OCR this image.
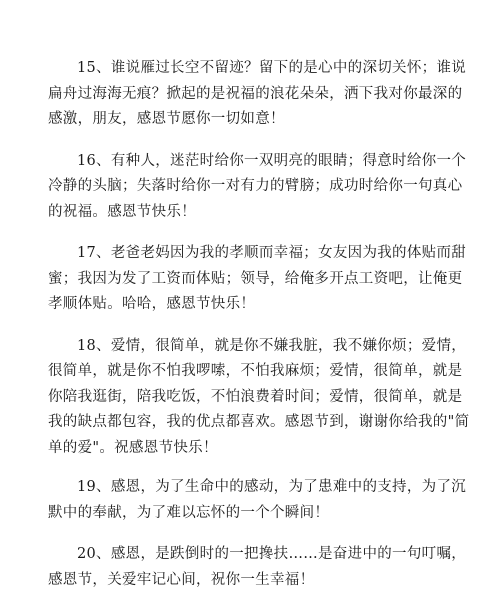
15、谁说雁过长空不留迹？留下的是心中的深切关怀；谁说扁舟过海海无痕？掀起的是祝福的浪花朵朵，洒下我对你最深的感激，朋友，感恩节愿你一切如意！

16、有种人，迷茫时给你一双明亮的眼睛；得意时给你一个冷静的头脑；失落时给你一对有力的臂膀；成功时给你一句真心的祝福。感恩节快乐！

17、老爸老妈因为我的孝顺而幸福；女友因为我的体贴而甜蜜；我因为发了工资而体贴；领导，给俺多开点工资吧，让俺更孝顺体贴。哈哈，感恩节快乐！

18、爱情，很简单，就是你不嫌我脏，我不嫌你烦；爱情，很简单，就是你不怕我啰嗦，不怕我麻烦；爱情，很简单，就是你陪我逛街，陪我吃饭，不怕浪费着时间；爱情，很简单，就是我的缺点都包容，我的优点都喜欢。感恩节到，谢谢你给我的"简单的爱"。祝感恩节快乐！

19、感恩，为了生命中的感动，为了患难中的支持，为了沉默中的奉献，为了难以忘怀的一个个瞬间！

20、感恩，是跌倒时的一把搀扶……是奋进中的一句叮嘱，感恩节，关爱牢记心间，祝你一生幸福！
